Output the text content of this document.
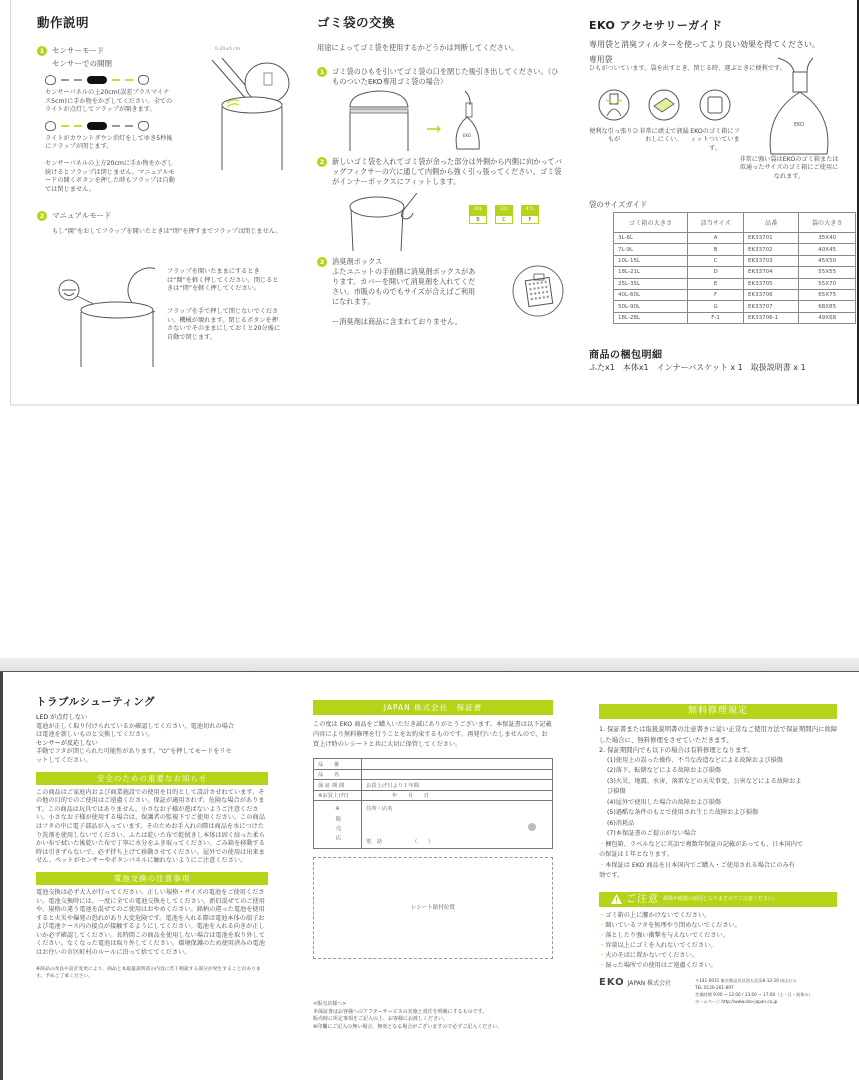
動作説明
1 センサーモード	0-20±5 cm
センサーでの開閉
センサーパネルの上20cm(誤差プラスマイナス5cm)に手か物をかざしてください。全てのライトが点灯してフラップが開きます。
ライトがカウントダウン消灯をしてゆき5秒後にフラップが閉じます。
センサーパネルの上方20cmに手か物をかざし続けるとフラップは閉じません。マニュアルモードの開くボタンを押した時もフラップは自動では閉じません。
2 マニュアルモード
もし“開”をおしてフラップを開いたときは“閉”を押すまでフラップは閉じません。
フラップを開いたままにするときは“開”を軽く押してください。閉じるときは“閉”を軽く押してください。
フラップを手で押して閉じないでください。機械が壊れます。閉じるボタンを押さないでそのままにしておくと20分後に自動で閉じます。
ゴミ袋の交換
用途によってゴミ袋を使用するかどうかは判断してください。
1	ゴミ袋のひもを引いてゴミ袋の口を閉じた後引き出してください。（ひものついたEKO専用ゴミ袋の場合）
EKO
2	新しいゴミ袋を入れてゴミ袋が余った部分は外側から内側に向かってバッグフィクサーの穴に通して内側から強く引っ張ってください。ゴミ袋がインナーボックスにフィットします。
$\frac{30L}{B} \frac{32L}{C} \frac{47L}{F}$
3	消臭剤ボックス
ふたユニットの手前側に消臭剤ボックスがあります。カバーを開いて消臭剤を入れてください。市販のものでもサイズが合えばご利用になれます。
ー消臭剤は商品に含まれておりません。
EKO アクセサリーガイド
専用袋と消臭フィルターを使ってより良い効果を得てください。
専用袋
ひもがついています。袋を出すとき、閉じる時、運ぶときに便利です。
便利な引っ張りひもが
非常に頑丈で液漏れしにくい。
EKOのゴミ箱にフィットついています。
EKO
非常に強い袋はEKOのゴミ箱または似通ったサイズのゴミ箱にご使用になれます。
袋のサイズガイド
ゴミ箱の大きさ	該当サイズ	品番	袋の大きさ
3L-6L	A	EK33701	35X40
7L-9L	B	EK33702	40X45
10L-15L	C	EK33703	45X50
18L-21L	D	EK33704	55X55
25L-35L	E	EK33705	55X70
40L-60L	F	EK33706	65X75
50L-90L	G	EK33707	68X85
18L-28L	F-1	EK33706-1	49X68
商品の梱包明細
ふたx1　本体x1　インナーバスケット x 1　取扱説明書 x 1
トラブルシューティング
LED が点灯しない
電池が正しく取り付けられているか確認してください。電池切れの場合は電池を新しいものと交換してください。
センサーが反応しない
手動でフタが閉じられた可能性があります。“⏻”を押してモードをリセットしてください。
安全のための重要なお知らせ
この商品はご家庭内および商業施設での使用を目的として設計させれています。その他の目的でのご使用はご遠慮ください。保証が適用されず、危険な場合があります。この商品は玩具ではありません。小さなお子様が遊ばないようご注意ください。小さなお子様が使用する場合は、保護者の監視下でご使用ください。この商品はフタの中に電子部品が入っています。そのためお手入れの際は商品を水につけたり洗剤を使用しないでください。ふたは乾いた布で乾拭きし本体は固く絞った柔らかい布で拭いた後乾いた布で丁寧に水分をふき取ってください。ごみ箱を移動する時は引きずらないで、必ず持ち上げて移動させてください。屋外での使用は出来ません。ペットがセンサーやボタンパネルに触れないようにご注意ください。
電池交換の注意事項
電池交換は必ず大人が行ってください。正しい規格・サイズの電池をご使用ください。電池交換時には、一度に全ての電池交換をしてください。新旧混ぜてのご使用や、規格の違う電池を混ぜてのご使用はおやめください。銘柄の違った電池を使用すると火災や爆発の恐れがあり大変危険です。電池を入れる際は電池本体の端子および電池ケース内の接点が接触するようにしてください。電池を入れる向きが正しいか必ず確認してください。長時間この商品を使用しない場合は電池を取り外してください。なくなった電池は取り外してください。環境保護のため使用済みの電池はお住いの市区町村のルールに沿って捨ててください。
※商品の改良や設計変更により、商品と本取扱説明書の内容に若干相違する部分が発生することがあります。予めご了承ください。
JAPAN 株式会社　保証書
この度は EKO 商品をご購入いただき誠にありがとうございます。本保証書は以下記載内容により無料修理を行うことをお約束するものです。再発行いたしませんので、お買上げ時のレシートと共に大切に保管してください。
品　　番	
品　　名	
保 証 期 間	お買上げ日より１年間
※お買上げ日	年　　月　　日
※販売店	住所・店名
電　話 （　　）
レシート貼付位置
<販売店様へ>
本保証書はお客様へのアフターサービスの実施と責任を明確にするものです。
販売時に所定事項をご記入の上、お客様にお渡しください。
※印欄にご記入の無い場合、無効となる場合がございますので必ずご記入ください。
無料修理規定
1. 保証書または取扱説明書の注意書きに従い正常なご使用方法で保証期間内に故障した場合に、無料修理をさせていただきます。
2. 保証期間内でも以下の場合は有料修理となります。
(1)使用上の誤った操作、不当な改造などによる故障および損傷
(2)落下、転倒などによる故障および損傷
(3)火災、地震、水害、落雷などの天災事変、公害などによる故障および損傷
(4)屋外で使用した場合の故障および損傷
(5)過酷な条件のもとで使用され生じた故障および損傷
(6)消耗品
(7)本保証書のご提示がない場合
・ 梱包箱、ラベルなどに英語で複数年保証の記載があっても、日本国内での保証は１年となります。
・ 本保証は EKO 商品を日本国内でご購入・ご使用される場合にのみ有効です。
ご注意 故障や破損の原因となりますのでご注意ください。
・ ゴミ箱の上に腰かけないでください。
・ 開いているフタを無理やり閉めないでください。
・ 落としたり強い衝撃を与えないでください。
・ 容量以上にゴミを入れないでください。
・ 火のそばに置かないでください。
・ 湿った場所での使用はご遠慮ください。
EKO JAPAN 株式会社	〒141-0031 東京都品川区西五反田8-12-10 向山ビル
TEL 0120-261-897
営業時間 9:00 ~ 12:00 / 13:00 ~ 17:00（土・日・祝休み）
ホームページ http://www.eko-japan.co.jp
